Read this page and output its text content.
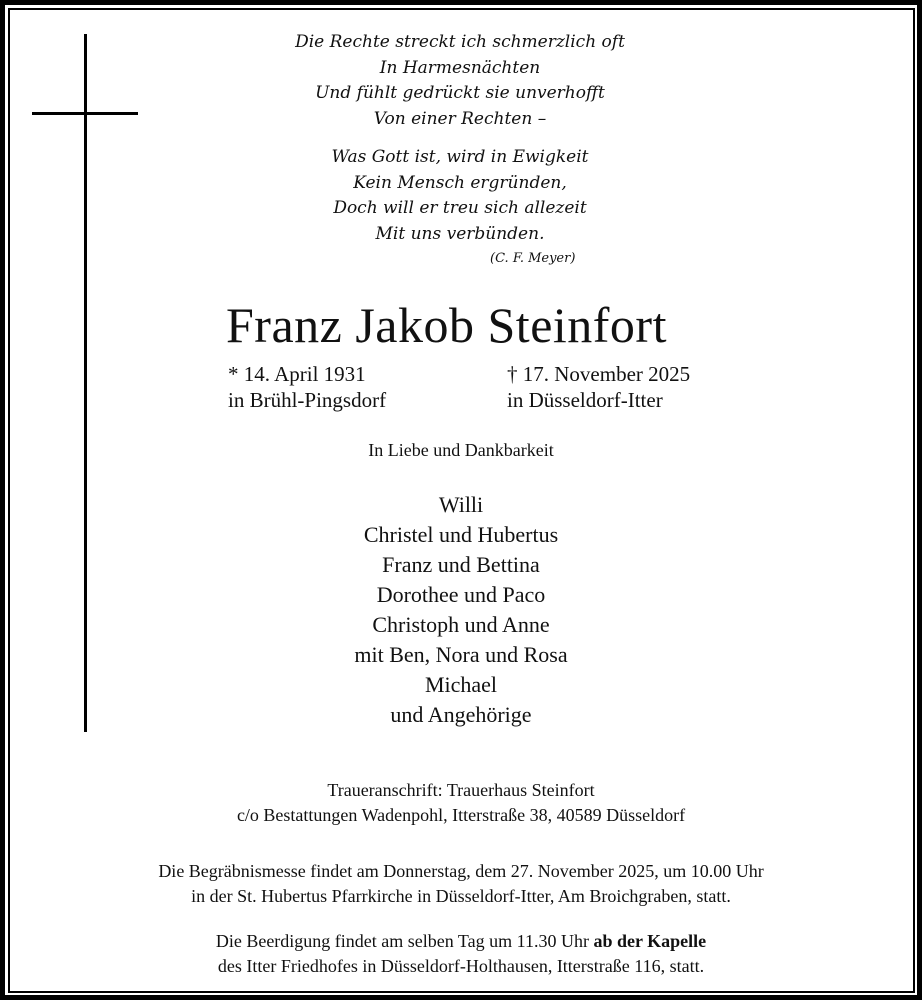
Die Rechte streckt ich schmerzlich oft
In Harmesnächten
Und fühlt gedrückt sie unverhofft
Von einer Rechten –
Was Gott ist, wird in Ewigkeit
Kein Mensch ergründen,
Doch will er treu sich allezeit
Mit uns verbünden.
(C. F. Meyer)
Franz Jakob Steinfort
* 14. April 1931
in Brühl-Pingsdorf
† 17. November 2025
in Düsseldorf-Itter
In Liebe und Dankbarkeit
Willi
Christel und Hubertus
Franz und Bettina
Dorothee und Paco
Christoph und Anne
mit Ben, Nora und Rosa
Michael
und Angehörige
Traueranschrift: Trauerhaus Steinfort
c/o Bestattungen Wadenpohl, Itterstraße 38, 40589 Düsseldorf
Die Begräbnismesse findet am Donnerstag, dem 27. November 2025, um 10.00 Uhr
in der St. Hubertus Pfarrkirche in Düsseldorf-Itter, Am Broichgraben, statt.
Die Beerdigung findet am selben Tag um 11.30 Uhr ab der Kapelle
des Itter Friedhofes in Düsseldorf-Holthausen, Itterstraße 116, statt.
